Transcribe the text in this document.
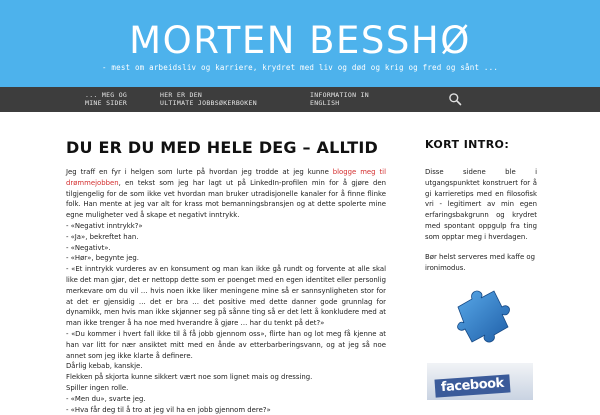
MORTEN BESSHØ
- mest om arbeidsliv og karriere, krydret med liv og død og krig og fred og sånt ...
... MEG OG
MINE SIDER
HER ER DEN
ULTIMATE JOBBSØKERBOKEN
INFORMATION IN
ENGLISH
DU ER DU MED HELE DEG – ALLTID

Jeg traff en fyr i helgen som lurte på hvordan jeg trodde at jeg kunne blogge meg til drømmejobben, en tekst som jeg har lagt ut på LinkedIn-profilen min for å gjøre den tilgjengelig for de som ikke vet hvordan man bruker utradisjonelle kanaler for å finne flinke folk. Han mente at jeg var alt for krass mot bemanningsbransjen og at dette spolerte mine egne muligheter ved å skape et negativt inntrykk.

- «Negativt inntrykk?»

- «Ja», bekreftet han.

- «Negativt».

- «Hør», begynte jeg.

- «Et inntrykk vurderes av en konsument og man kan ikke gå rundt og forvente at alle skal like det man gjør, det er nettopp dette som er poenget med en egen identitet eller personlig merkevare om du vil … hvis noen ikke liker meningene mine så er sannsynligheten stor for at det er gjensidig … det er bra … det positive med dette danner gode grunnlag for dynamikk, men hvis man ikke skjønner seg på sånne ting så er det lett å konkludere med at man ikke trenger å ha noe med hverandre å gjøre … har du tenkt på det?»

- «Du kommer i hvert fall ikke til å få jobb gjennom oss», flirte han og lot meg få kjenne at han var litt for nær ansiktet mitt med en ånde av etterbarberingsvann, og at jeg så noe annet som jeg ikke klarte å definere.

Dårlig kebab, kanskje.

Flekken på skjorta kunne sikkert vært noe som lignet mais og dressing.

Spiller ingen rolle.

- «Men du», svarte jeg.

- «Hva får deg til å tro at jeg vil ha en jobb gjennom dere?»

KORT INTRO:

Disse sidene ble i utgangspunktet konstruert for å gi karrieretips med en filosofisk vri - legitimert av min egen erfaringsbakgrunn og krydret med spontant oppgulp fra ting som opptar meg i hverdagen.

Bør helst serveres med kaffe og ironimodus.

facebook
